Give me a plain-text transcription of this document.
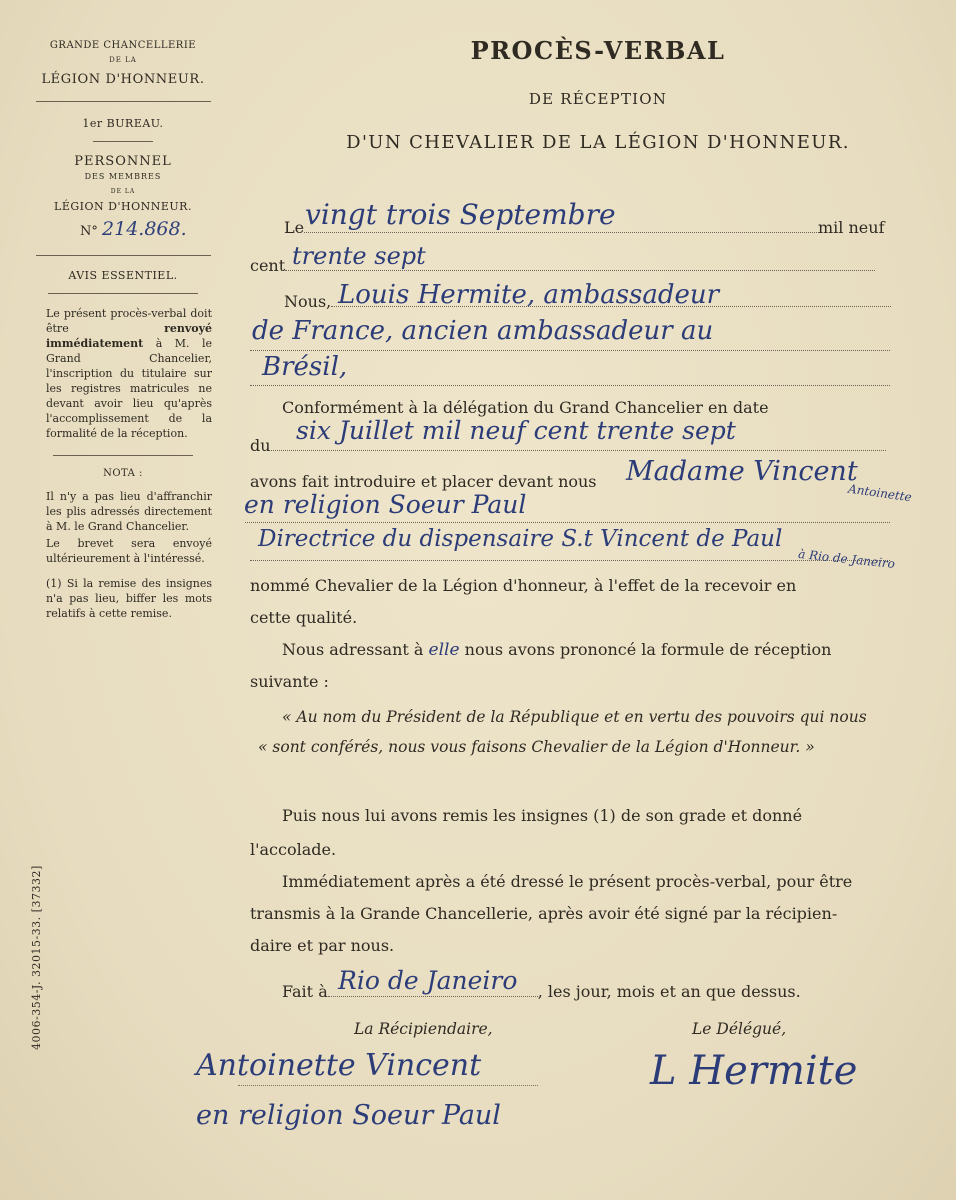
GRANDE CHANCELLERIE
DE LA
LÉGION D'HONNEUR.
1er BUREAU.
PERSONNEL
DES MEMBRES
DE LA
LÉGION D'HONNEUR.
N° 214.868.
AVIS ESSENTIEL.
Le présent procès-verbal doit être	renvoyé immédiatement à M. le Grand Chancelier, l'inscription du titulaire sur les registres matricules ne devant avoir lieu qu'après l'accomplissement de la formalité de la réception.
NOTA :
Il n'y a pas lieu d'affranchir les plis adressés directement à M. le Grand Chancelier.
Le brevet sera envoyé ultérieurement à l'intéressé.
(1) Si la remise des insignes n'a pas lieu, biffer les mots relatifs à cette remise.
4006-354-J. 32015-33. [37332]
PROCÈS-VERBAL
DE RÉCEPTION
D'UN CHEVALIER DE LA LÉGION D'HONNEUR.
Le vingt trois Septembre	mil neuf
cent trente sept
Nous, Louis Hermite, ambassadeur
de France, ancien ambassadeur au
Brésil,
Conformément à la délégation du Grand Chancelier en date
du
six Juillet mil neuf cent trente sept
avons fait introduire et placer devant nous Madame Vincent
Antoinette
en religion Soeur Paul
Directrice du dispensaire S.t Vincent de Paul
à Rio de Janeiro
nommé Chevalier de la Légion d'honneur, à l'effet de la recevoir en
cette qualité.
Nous adressant à elle nous avons prononcé la formule de réception
suivante :
« Au nom du Président de la République et en vertu des pouvoirs qui nous
« sont conférés, nous vous faisons Chevalier de la Légion d'Honneur. »
Puis nous lui avons remis les insignes (1) de son grade et donné
l'accolade.
Immédiatement après a été dressé le présent procès-verbal, pour être
transmis à la Grande Chancellerie, après avoir été signé par la récipien-
daire et par nous.
Fait à	, les jour, mois et an que dessus.
Rio de Janeiro
La Récipiendaire,	Le Délégué,
Antoinette Vincent
en religion Soeur Paul
L Hermite
